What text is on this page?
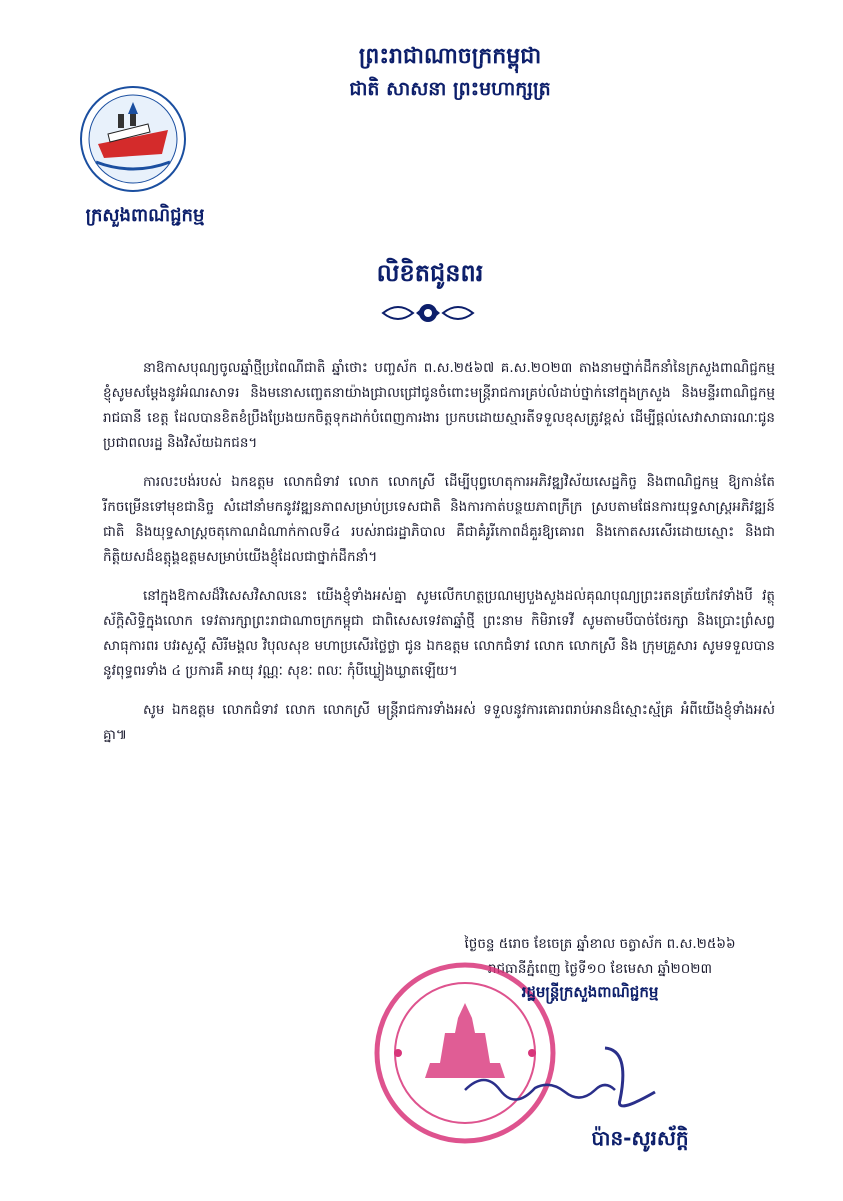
ព្រះរាជាណាចក្រកម្ពុជា
ជាតិ សាសនា ព្រះមហាក្សត្រ
ក្រសួងពាណិជ្ជកម្ម
លិខិតជូនពរ

នាឱកាសបុណ្យចូលឆ្នាំថ្មីប្រពៃណីជាតិ ឆ្នាំថោះ បញ្ចស័ក ព.ស.២៥៦៧ គ.ស.២០២៣ តាងនាមថ្នាក់ដឹកនាំនៃក្រសួងពាណិជ្ជកម្ម ខ្ញុំសូមសម្តែងនូវអំណរសាទរ និងមនោសញ្ចេតនាយ៉ាងជ្រាលជ្រៅជូនចំពោះមន្ត្រីរាជការគ្រប់លំដាប់ថ្នាក់នៅក្នុងក្រសួង និងមន្ទីរពាណិជ្ជកម្មរាជធានី ខេត្ត ដែលបានខិតខំប្រឹងប្រែងយកចិត្តទុកដាក់បំពេញការងារ ប្រកបដោយស្មារតីទទួលខុសត្រូវខ្ពស់ ដើម្បីផ្តល់សេវាសាធារណៈជូនប្រជាពលរដ្ឋ និងវិស័យឯកជន។

ការលះបង់របស់ ឯកឧត្តម លោកជំទាវ លោក លោកស្រី ដើម្បីបុព្វហេតុការអភិវឌ្ឍវិស័យសេដ្ឋកិច្ច និងពាណិជ្ជកម្ម ឱ្យកាន់តែរីកចម្រើនទៅមុខជានិច្ច សំដៅនាំមកនូវវឌ្ឍនភាពសម្រាប់ប្រទេសជាតិ និងការកាត់បន្ថយភាពក្រីក្រ ស្របតាមផែនការយុទ្ធសាស្ត្រអភិវឌ្ឍន៍ជាតិ និងយុទ្ធសាស្ត្រចតុកោណដំណាក់កាលទី៤ របស់រាជរដ្ឋាភិបាល គឺជាគំរូរីកោពដ៏គួរឱ្យគោរព និងកោតសរសើរដោយស្មោះ និងជាកិត្តិយសដ៏ឧត្តុង្គឧត្តមសម្រាប់យើងខ្ញុំដែលជាថ្នាក់ដឹកនាំ។

នៅក្នុងឱកាសដ៏វិសេសវិសាលនេះ យើងខ្ញុំទាំងអស់គ្នា សូមលើកហត្ថប្រណម្យបួងសួងដល់គុណបុណ្យព្រះរតនត្រ័យកែវទាំងបី វត្ថុស័ក្តិសិទ្ធិក្នុងលោក ទេវតារក្សាព្រះរាជាណាចក្រកម្ពុជា ជាពិសេសទេវតាឆ្នាំថ្មី ព្រះនាម កិមិរាទេវី សូមតាមបីបាច់ថែរក្សា និងប្រោះព្រំសព្វសាធុការពរ បវរសួស្តី សិរីមង្គល វិបុលសុខ មហាប្រសើរថ្លៃថ្លា ជូន ឯកឧត្តម លោកជំទាវ លោក លោកស្រី និង ក្រុមគ្រួសារ សូមទទួលបាននូវពុទ្ធពរទាំង ៤ ប្រការគឺ អាយុ វណ្ណៈ សុខៈ ពលៈ កុំបីឃ្លៀងឃ្លាតឡើយ។

សូម ឯកឧត្តម លោកជំទាវ លោក លោកស្រី មន្ត្រីរាជការទាំងអស់ ទទួលនូវការគោរពរាប់អានដ៏ស្មោះស្ម័គ្រ អំពីយើងខ្ញុំទាំងអស់គ្នា៕

ថ្ងៃចន្ទ ៥រោច ខែចេត្រ ឆ្នាំខាល ចត្វាស័ក ព.ស.២៥៦៦
រាជធានីភ្នំពេញ ថ្ងៃទី១០ ខែមេសា ឆ្នាំ២០២៣
រដ្ឋមន្ត្រីក្រសួងពាណិជ្ជកម្ម
ប៉ាន-សូរស័ក្តិ
